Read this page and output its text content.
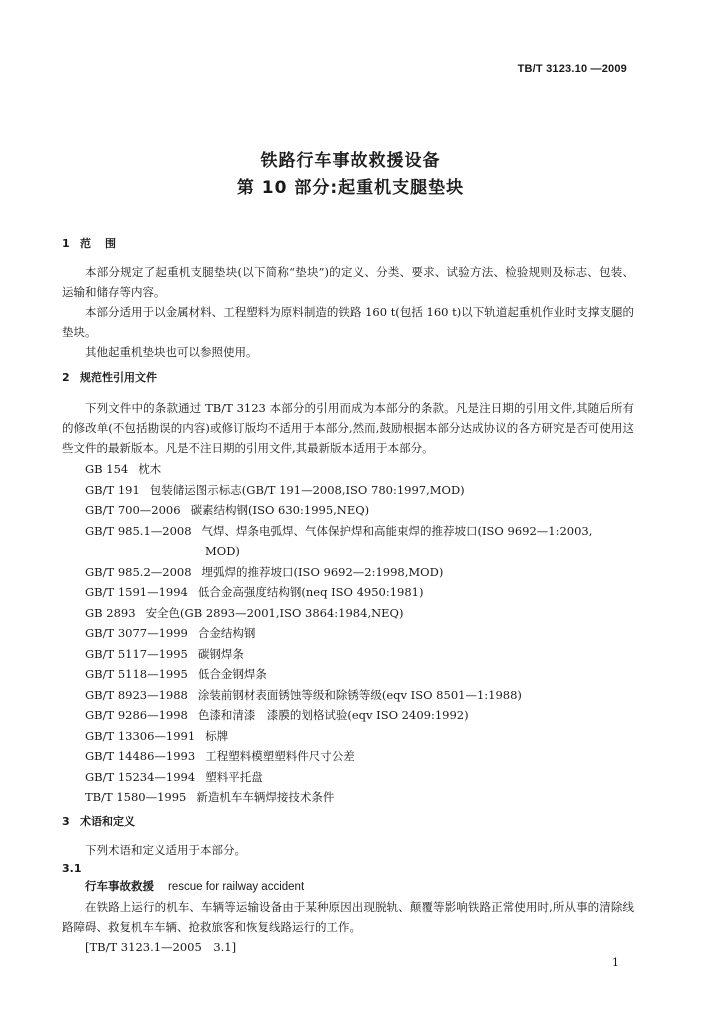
TB/T 3123.10 —2009
铁路行车事故救援设备
第 10 部分:起重机支腿垫块
1 范围

本部分规定了起重机支腿垫块(以下简称“垫块”)的定义、分类、要求、试验方法、检验规则及标志、包装、运输和储存等内容。

本部分适用于以金属材料、工程塑料为原料制造的铁路 160 t(包括 160 t)以下轨道起重机作业时支撑支腿的垫块。

其他起重机垫块也可以参照使用。

2 规范性引用文件

下列文件中的条款通过 TB/T 3123 本部分的引用而成为本部分的条款。凡是注日期的引用文件,其随后所有的修改单(不包括勘误的内容)或修订版均不适用于本部分,然而,鼓励根据本部分达成协议的各方研究是否可使用这些文件的最新版本。凡是不注日期的引用文件,其最新版本适用于本部分。

GB 154 枕木
GB/T 191 包装储运图示标志(GB/T 191—2008,ISO 780:1997,MOD)
GB/T 700—2006 碳素结构钢(ISO 630:1995,NEQ)
GB/T 985.1—2008 气焊、焊条电弧焊、气体保护焊和高能束焊的推荐坡口(ISO 9692—1:2003,
MOD)
GB/T 985.2—2008 埋弧焊的推荐坡口(ISO 9692—2:1998,MOD)
GB/T 1591—1994 低合金高强度结构钢(neq ISO 4950:1981)
GB 2893 安全色(GB 2893—2001,ISO 3864:1984,NEQ)
GB/T 3077—1999 合金结构钢
GB/T 5117—1995 碳钢焊条
GB/T 5118—1995 低合金钢焊条
GB/T 8923—1988 涂装前钢材表面锈蚀等级和除锈等级(eqv ISO 8501—1:1988)
GB/T 9286—1998 色漆和清漆　漆膜的划格试验(eqv ISO 2409:1992)
GB/T 13306—1991 标牌
GB/T 14486—1993 工程塑料模塑塑料件尺寸公差
GB/T 15234—1994 塑料平托盘
TB/T 1580—1995 新造机车车辆焊接技术条件
3 术语和定义

下列术语和定义适用于本部分。

3.1
行车事故救援 rescue for railway accident

在铁路上运行的机车、车辆等运输设备由于某种原因出现脱轨、颠覆等影响铁路正常使用时,所从事的清除线路障碍、救复机车车辆、抢救旅客和恢复线路运行的工作。

[TB/T 3123.1—2005　3.1]
1
